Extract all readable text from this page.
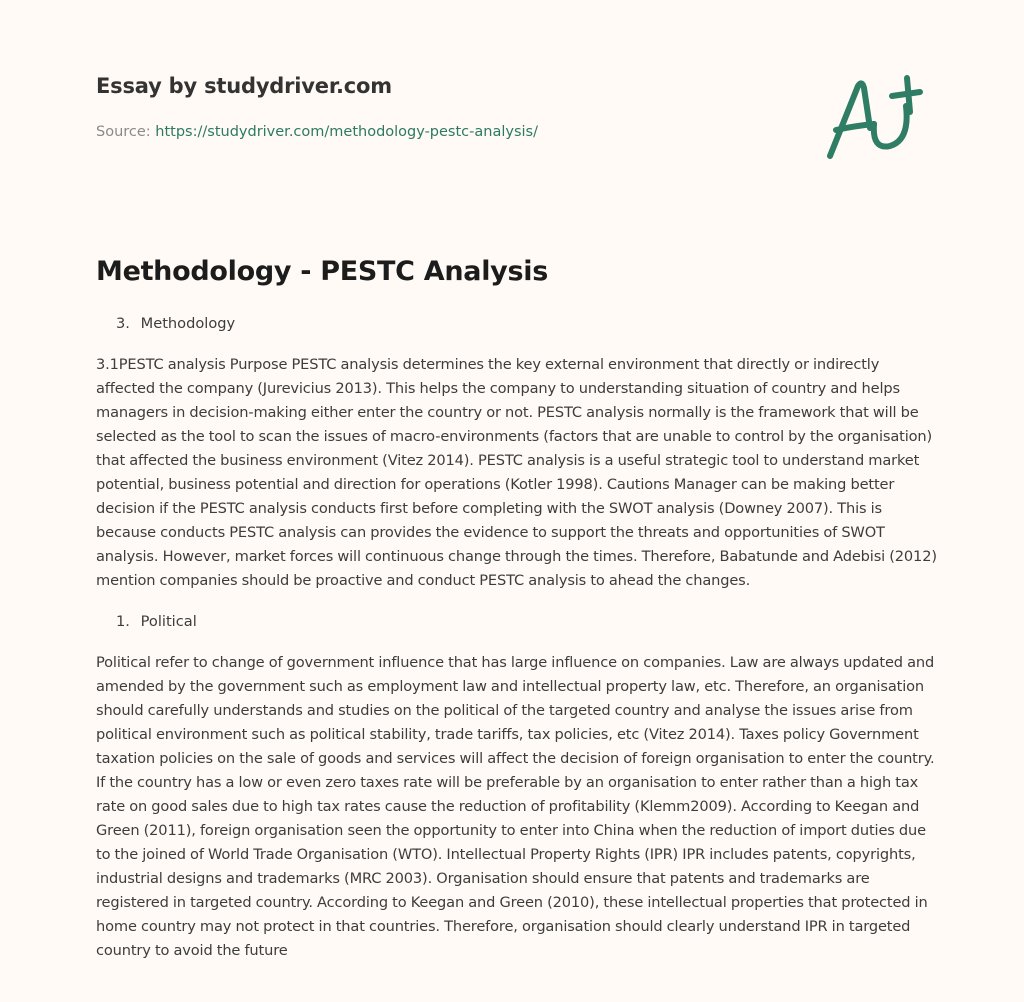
Essay by studydriver.com
Source: https://studydriver.com/methodology-pestc-analysis/
Methodology - PESTC Analysis
3. Methodology

3.1PESTC analysis Purpose PESTC analysis determines the key external environment that directly or indirectly affected the company (Jurevicius 2013). This helps the company to understanding situation of country and helps managers in decision-making either enter the country or not. PESTC analysis normally is the framework that will be selected as the tool to scan the issues of macro-environments (factors that are unable to control by the organisation) that affected the business environment (Vitez 2014). PESTC analysis is a useful strategic tool to understand market potential, business potential and direction for operations (Kotler 1998). Cautions Manager can be making better decision if the PESTC analysis conducts first before completing with the SWOT analysis (Downey 2007). This is because conducts PESTC analysis can provides the evidence to support the threats and opportunities of SWOT analysis. However, market forces will continuous change through the times. Therefore, Babatunde and Adebisi (2012) mention companies should be proactive and conduct PESTC analysis to ahead the changes.

1. Political

Political refer to change of government influence that has large influence on companies. Law are always updated and amended by the government such as employment law and intellectual property law, etc. Therefore, an organisation should carefully understands and studies on the political of the targeted country and analyse the issues arise from political environment such as political stability, trade tariffs, tax policies, etc (Vitez 2014). Taxes policy Government taxation policies on the sale of goods and services will affect the decision of foreign organisation to enter the country. If the country has a low or even zero taxes rate will be preferable by an organisation to enter rather than a high tax rate on good sales due to high tax rates cause the reduction of profitability (Klemm2009). According to Keegan and Green (2011), foreign organisation seen the opportunity to enter into China when the reduction of import duties due to the joined of World Trade Organisation (WTO). Intellectual Property Rights (IPR) IPR includes patents, copyrights, industrial designs and trademarks (MRC 2003). Organisation should ensure that patents and trademarks are registered in targeted country. According to Keegan and Green (2010), these intellectual properties that protected in home country may not protect in that countries. Therefore, organisation should clearly understand IPR in targeted country to avoid the future
